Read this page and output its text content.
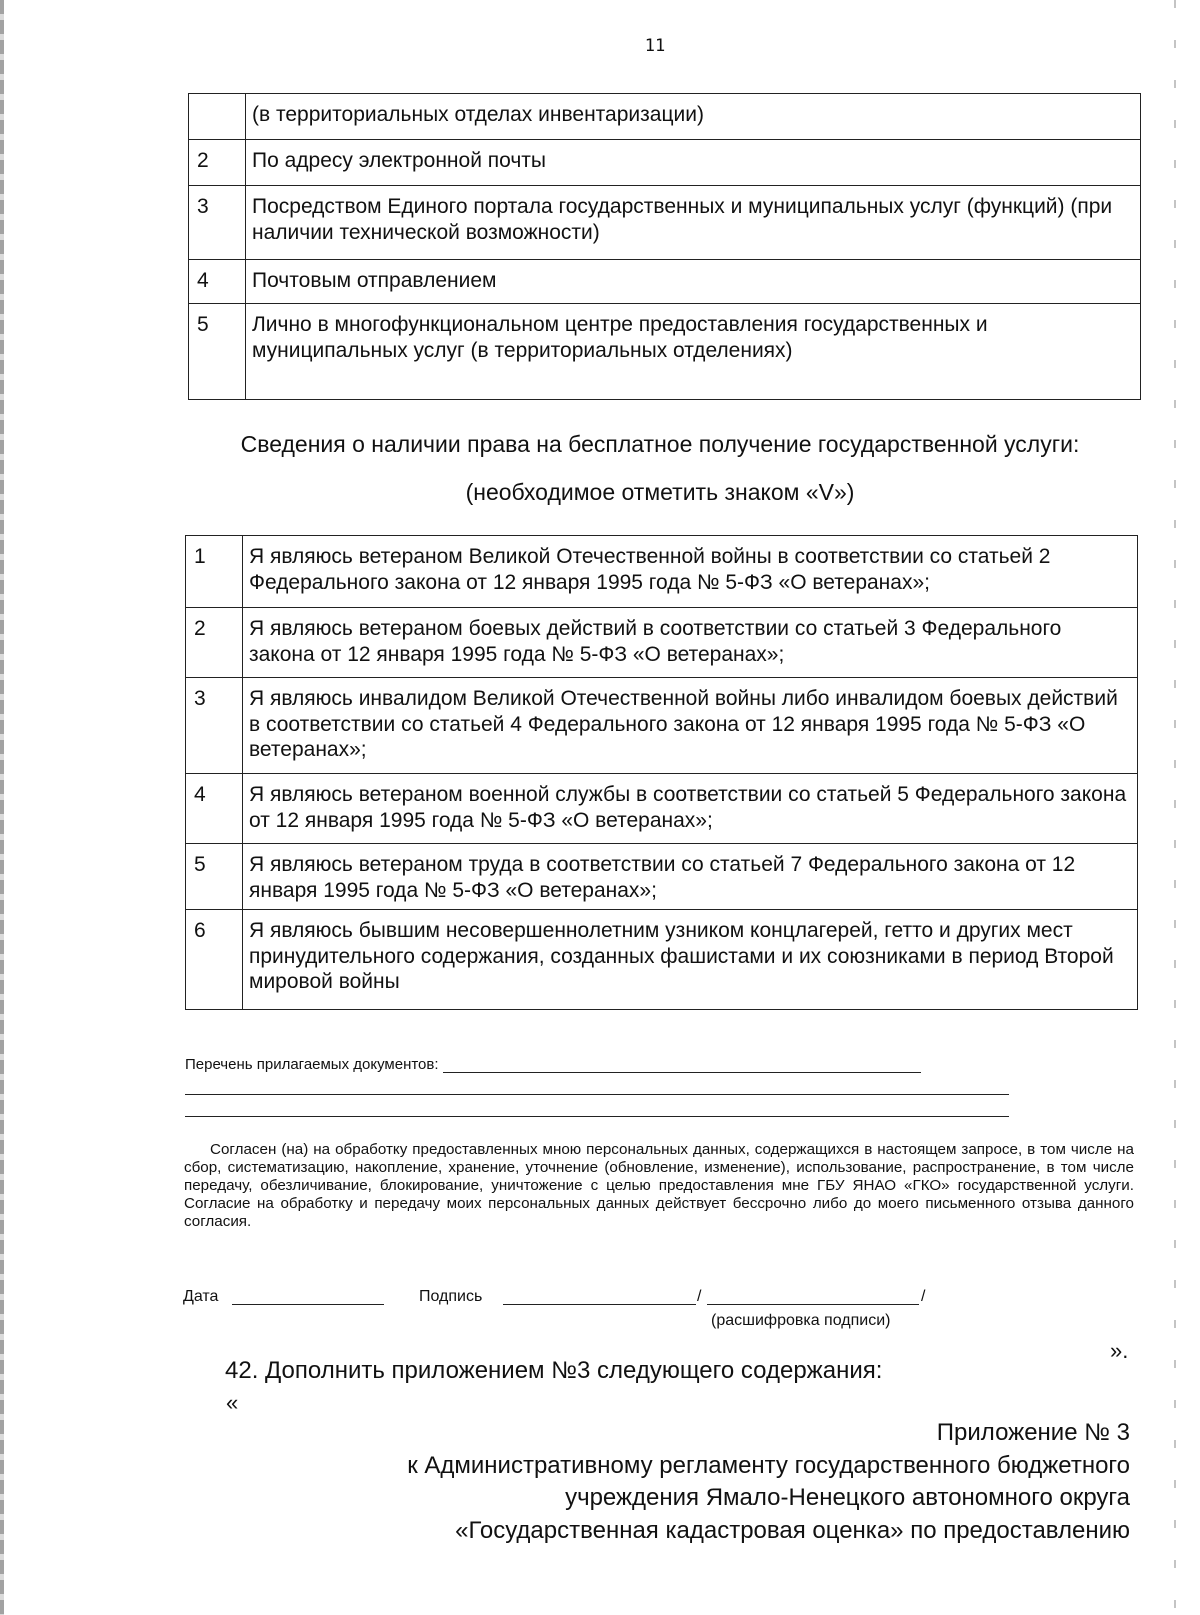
11
	(в территориальных отделах инвентаризации)
2	По адресу электронной почты
3	Посредством Единого портала государственных и муниципальных услуг (функций) (при наличии технической возможности)
4	Почтовым отправлением
5	Лично в многофункциональном центре предоставления государственных и муниципальных услуг (в территориальных отделениях)
Сведения о наличии права на бесплатное получение государственной услуги:
(необходимое отметить знаком «V»)
1	Я являюсь ветераном Великой Отечественной войны в соответствии со статьей 2 Федерального закона от 12 января 1995 года № 5-ФЗ «О ветеранах»;
2	Я являюсь ветераном боевых действий в соответствии со статьей 3 Федерального закона от 12 января 1995 года № 5-ФЗ «О ветеранах»;
3	Я являюсь инвалидом Великой Отечественной войны либо инвалидом боевых действий в соответствии со статьей 4 Федерального закона от 12 января 1995 года № 5-ФЗ «О ветеранах»;
4	Я являюсь ветераном военной службы в соответствии со статьей 5 Федерального закона от 12 января 1995 года № 5-ФЗ «О ветеранах»;
5	Я являюсь ветераном труда в соответствии со статьей 7 Федерального закона от 12 января 1995 года № 5-ФЗ «О ветеранах»;
6	Я являюсь бывшим несовершеннолетним узником концлагерей, гетто и других мест принудительного содержания, созданных фашистами и их союзниками в период Второй мировой войны
Перечень прилагаемых документов:
Согласен (на) на обработку предоставленных мною персональных данных, содержащихся в настоящем запросе, в том числе на сбор, систематизацию, накопление, хранение, уточнение (обновление, изменение), использование, распространение, в том числе передачу, обезличивание, блокирование, уничтожение с целью предоставления мне ГБУ ЯНАО «ГКО» государственной услуги. Согласие на обработку и передачу моих персональных данных действует бессрочно либо до моего письменного отзыва данного согласия.
Дата	Подпись	/	/
(расшифровка подписи)
».
42. Дополнить приложением №3 следующего содержания:
«
Приложение № 3
к Административному регламенту государственного бюджетного
учреждения Ямало-Ненецкого автономного округа
«Государственная кадастровая оценка» по предоставлению
